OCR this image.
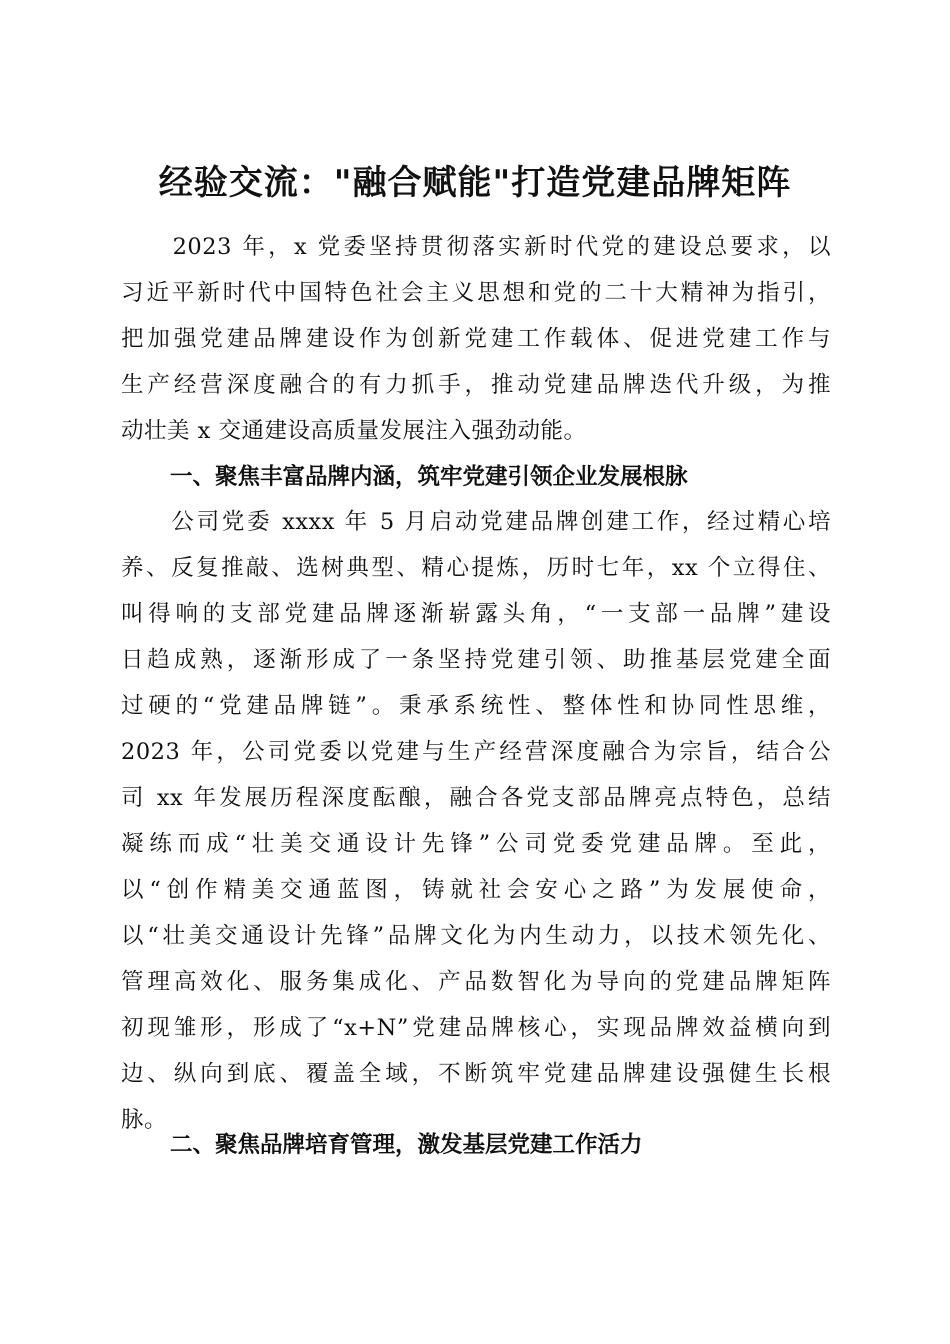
经验交流："融合赋能"打造党建品牌矩阵
　　2023 年，x 党委坚持贯彻落实新时代党的建设总要求，以
习近平新时代中国特色社会主义思想和党的二十大精神为指引，
把加强党建品牌建设作为创新党建工作载体、促进党建工作与
生产经营深度融合的有力抓手，推动党建品牌迭代升级，为推
动壮美 x 交通建设高质量发展注入强劲动能。
一、聚焦丰富品牌内涵，筑牢党建引领企业发展根脉
　　公司党委 xxxx 年 5 月启动党建品牌创建工作，经过精心培
养、反复推敲、选树典型、精心提炼，历时七年，xx 个立得住、
叫得响的支部党建品牌逐渐崭露头角，“一支部一品牌”建设
日趋成熟，逐渐形成了一条坚持党建引领、助推基层党建全面
过硬的“党建品牌链”。秉承系统性、整体性和协同性思维，
2023 年，公司党委以党建与生产经营深度融合为宗旨，结合公
司 xx 年发展历程深度酝酿，融合各党支部品牌亮点特色，总结
凝练而成“壮美交通设计先锋”公司党委党建品牌。至此，
以“创作精美交通蓝图，铸就社会安心之路”为发展使命，
以“壮美交通设计先锋”品牌文化为内生动力，以技术领先化、
管理高效化、服务集成化、产品数智化为导向的党建品牌矩阵
初现雏形，形成了“x+N”党建品牌核心，实现品牌效益横向到
边、纵向到底、覆盖全域，不断筑牢党建品牌建设强健生长根
脉。
二、聚焦品牌培育管理，激发基层党建工作活力
